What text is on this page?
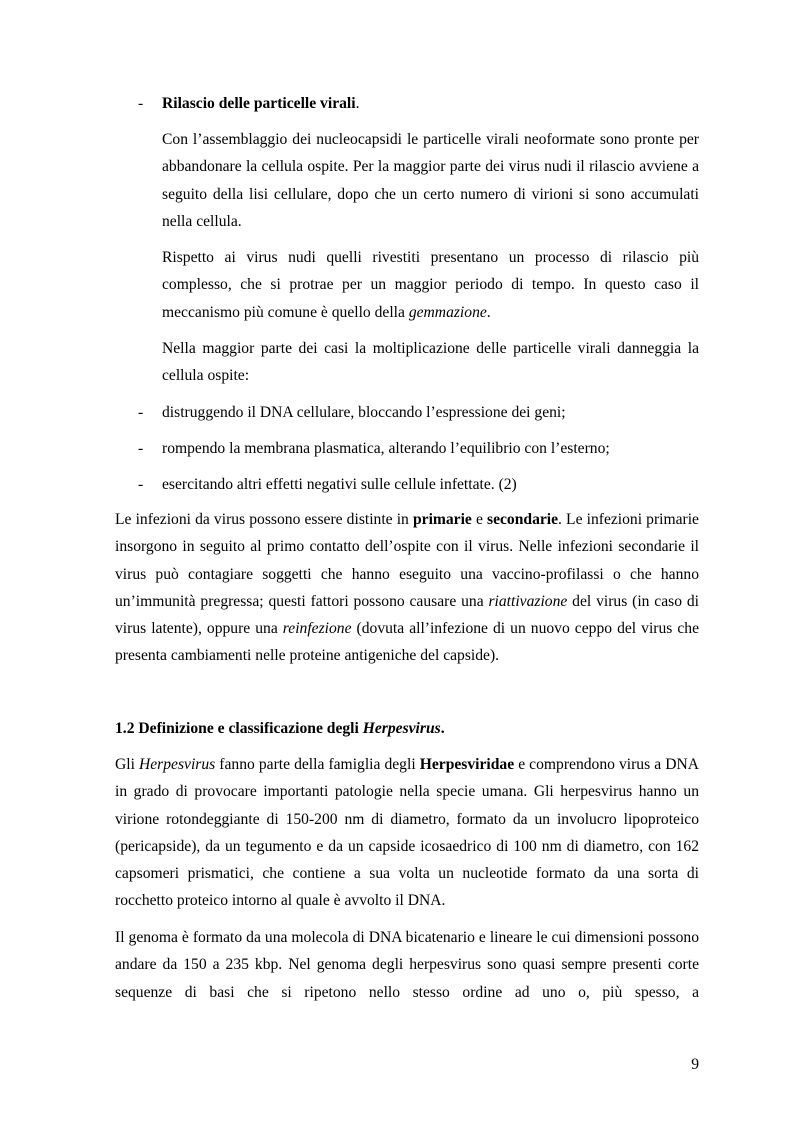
- Rilascio delle particelle virali.

Con l’assemblaggio dei nucleocapsidi le particelle virali neoformate sono pronte per abbandonare la cellula ospite. Per la maggior parte dei virus nudi il rilascio avviene a seguito della lisi cellulare, dopo che un certo numero di virioni si sono accumulati nella cellula.

Rispetto ai virus nudi quelli rivestiti presentano un processo di rilascio più complesso, che si protrae per un maggior periodo di tempo. In questo caso il meccanismo più comune è quello della gemmazione.

Nella maggior parte dei casi la moltiplicazione delle particelle virali danneggia la cellula ospite:

- distruggendo il DNA cellulare, bloccando l’espressione dei geni;

- rompendo la membrana plasmatica, alterando l’equilibrio con l’esterno;

- esercitando altri effetti negativi sulle cellule infettate. (2)

Le infezioni da virus possono essere distinte in primarie e secondarie. Le infezioni primarie insorgono in seguito al primo contatto dell’ospite con il virus. Nelle infezioni secondarie il virus può contagiare soggetti che hanno eseguito una vaccino-profilassi o che hanno un’immunità pregressa; questi fattori possono causare una riattivazione del virus (in caso di virus latente), oppure una reinfezione (dovuta all’infezione di un nuovo ceppo del virus che presenta cambiamenti nelle proteine antigeniche del capside).

1.2 Definizione e classificazione degli Herpesvirus.

Gli Herpesvirus fanno parte della famiglia degli Herpesviridae e comprendono virus a DNA in grado di provocare importanti patologie nella specie umana. Gli herpesvirus hanno un virione rotondeggiante di 150-200 nm di diametro, formato da un involucro lipoproteico (pericapside), da un tegumento e da un capside icosaedrico di 100 nm di diametro, con 162 capsomeri prismatici, che contiene a sua volta un nucleotide formato da una sorta di rocchetto proteico intorno al quale è avvolto il DNA.

Il genoma è formato da una molecola di DNA bicatenario e lineare le cui dimensioni possono andare da 150 a 235 kbp. Nel genoma degli herpesvirus sono quasi sempre presenti corte sequenze di basi che si ripetono nello stesso ordine ad uno o, più spesso, a

9
